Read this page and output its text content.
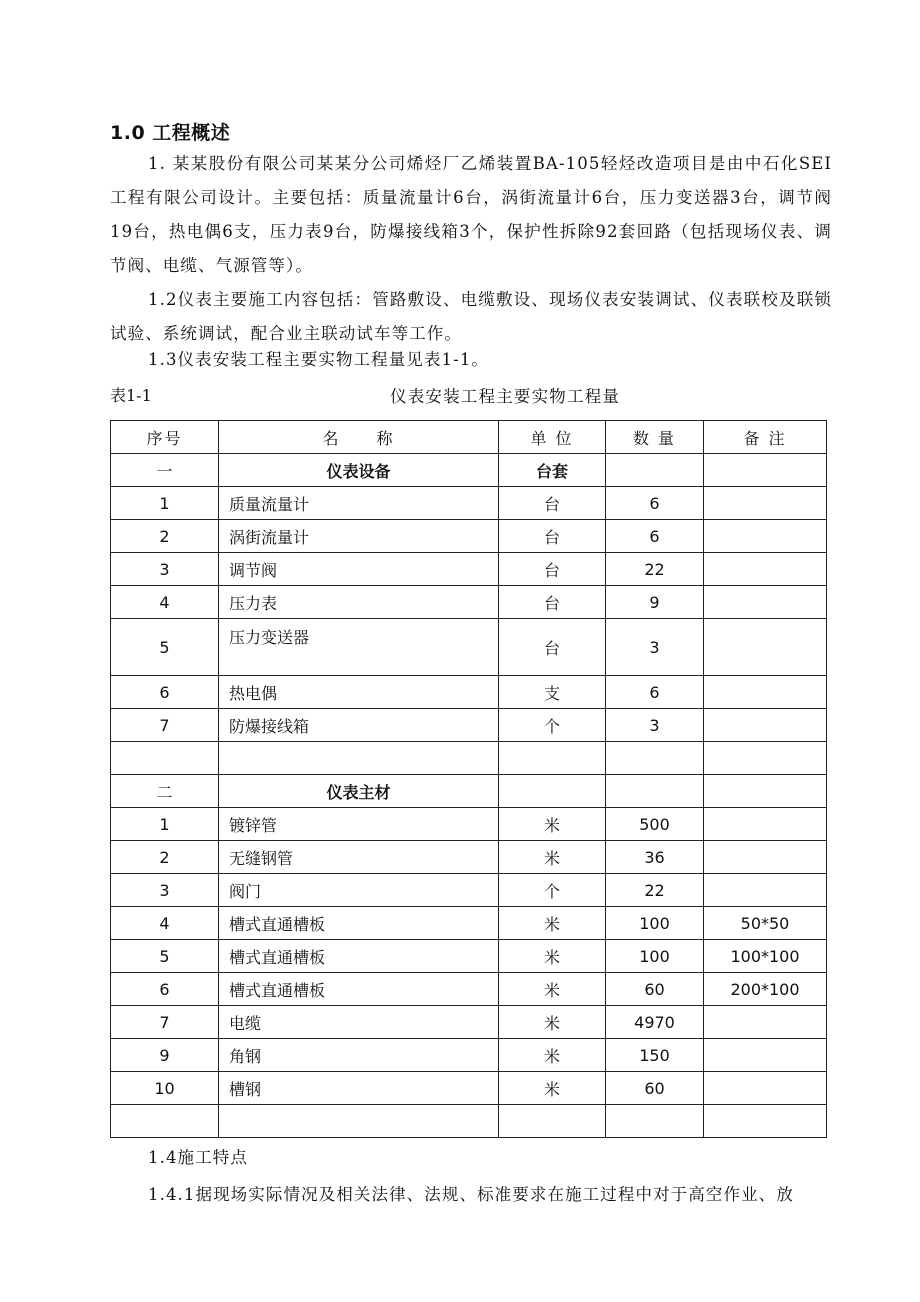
1.0 工程概述

1. 某某股份有限公司某某分公司烯烃厂乙烯装置BA-105轻烃改造项目是由中石化SEI工程有限公司设计。主要包括：质量流量计6台，涡街流量计6台，压力变送器3台，调节阀19台，热电偶6支，压力表9台，防爆接线箱3个，保护性拆除92套回路（包括现场仪表、调节阀、电缆、气源管等）。

1.2仪表主要施工内容包括：管路敷设、电缆敷设、现场仪表安装调试、仪表联校及联锁试验、系统调试，配合业主联动试车等工作。

1.3仪表安装工程主要实物工程量见表1-1。

表1-1	仪表安装工程主要实物工程量
序号	名　　称	单 位	数 量	备 注
一	仪表设备	台套		
1	质量流量计	台	6	
2	涡街流量计	台	6	
3	调节阀	台	22	
4	压力表	台	9	
5	压力变送器	台	3	
6	热电偶	支	6	
7	防爆接线箱	个	3	

二	仪表主材			
1	镀锌管	米	500	
2	无缝钢管	米	36	
3	阀门	个	22	
4	槽式直通槽板	米	100	50*50
5	槽式直通槽板	米	100	100*100
6	槽式直通槽板	米	60	200*100
7	电缆	米	4970	
9	角钢	米	150	
10	槽钢	米	60	

1.4施工特点

1.4.1据现场实际情况及相关法律、法规、标准要求在施工过程中对于高空作业、放
